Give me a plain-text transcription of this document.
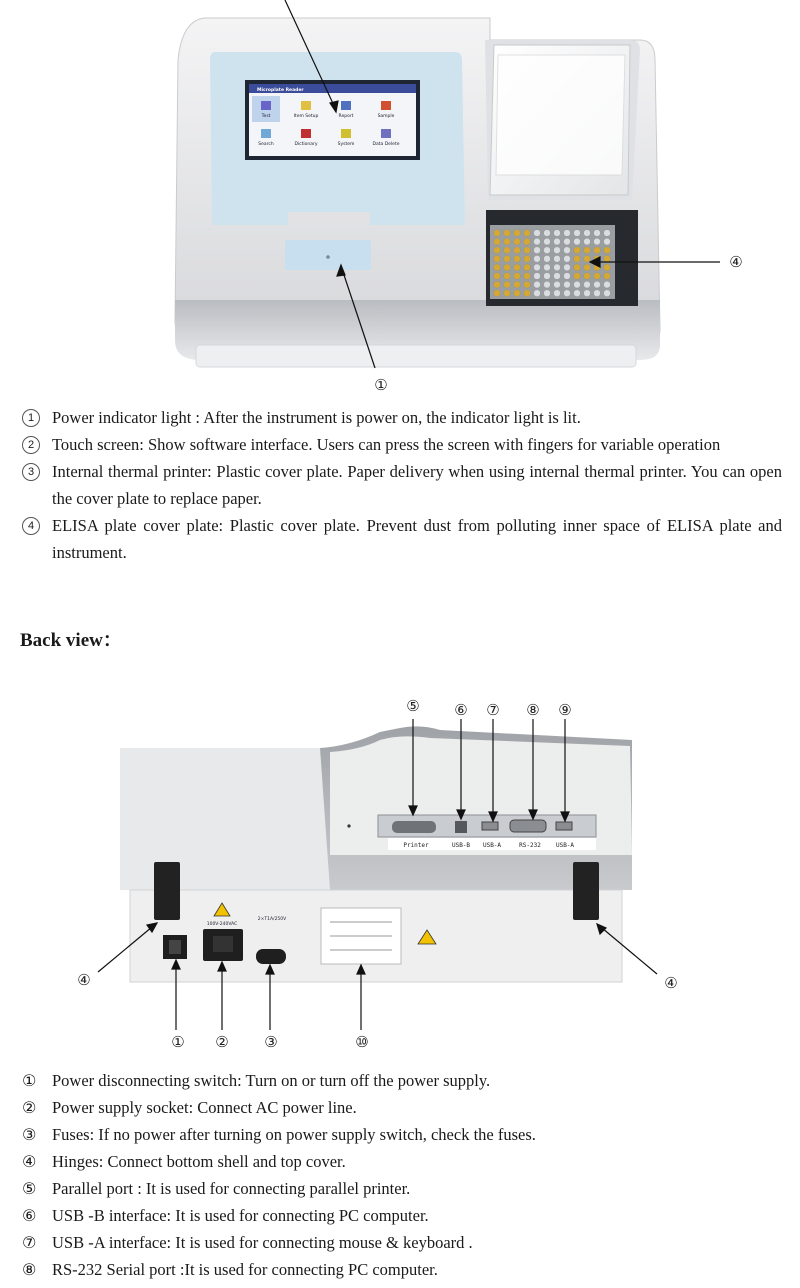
Microplate Reader
Test	Item Setup	Report	Sample
Search	Dictionary	System	Data Delete
①
④
1	Power indicator light : After the instrument is power on, the indicator light is lit.
2	Touch screen: Show software interface. Users can press the screen with fingers for variable operation
3	Internal thermal printer: Plastic cover plate. Paper delivery when using internal thermal printer. You can open the cover plate to replace paper.
4	ELISA plate cover plate: Plastic cover plate. Prevent dust from polluting inner space of ELISA plate and instrument.
Back view：
Printer	USB-B USB-A	RS-232	USB-A
100V-240VAC
2×T1A/250V
⑤ ⑥ ⑦ ⑧ ⑨
④	④
① ② ③	⑩
① Power disconnecting switch: Turn on or turn off the power supply.
② Power supply socket: Connect AC power line.
③ Fuses: If no power after turning on power supply switch, check the fuses.
④ Hinges: Connect bottom shell and top cover.
⑤ Parallel port : It is used for connecting parallel printer.
⑥ USB -B interface: It is used for connecting PC computer.
⑦ USB -A interface: It is used for connecting mouse & keyboard .
⑧ RS-232 Serial port :It is used for connecting PC computer.
